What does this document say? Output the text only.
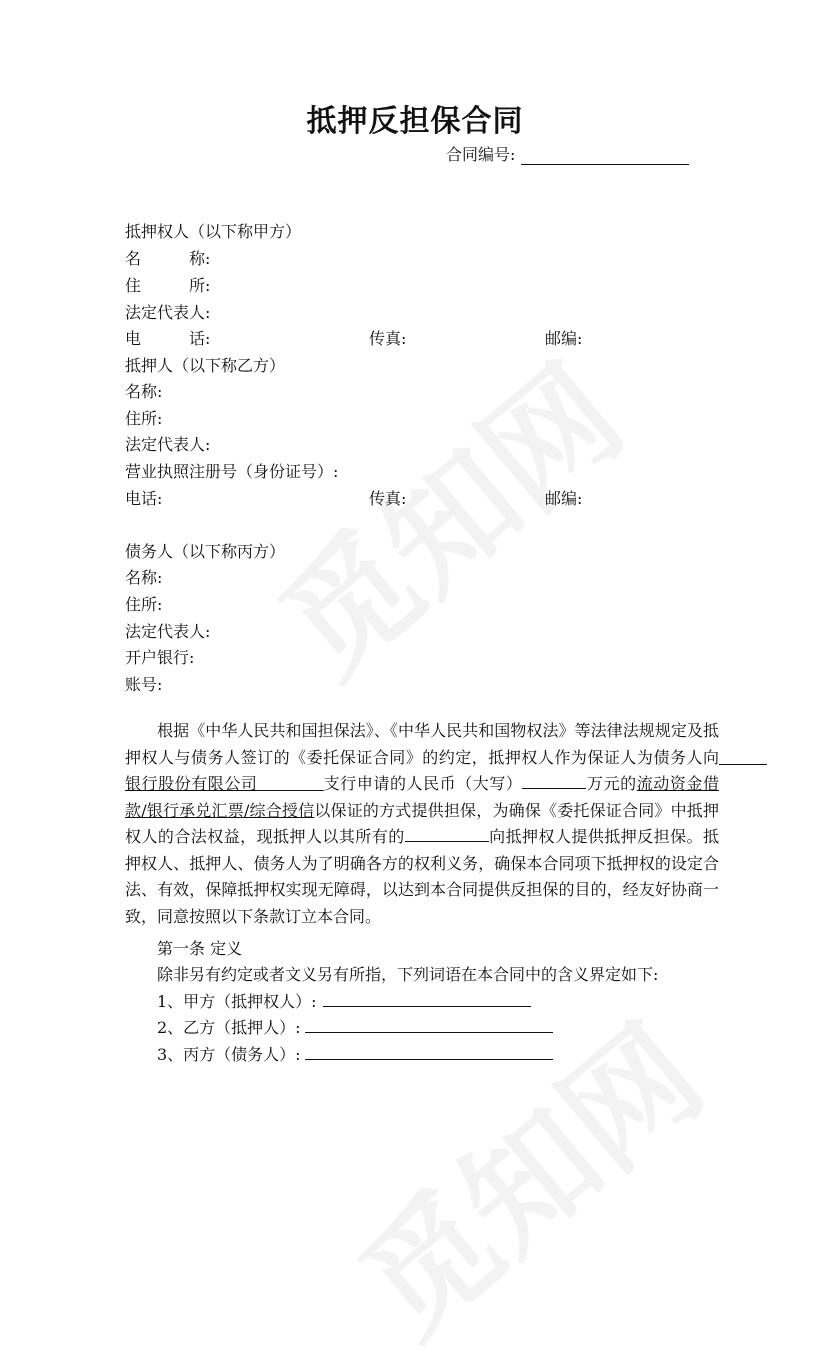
抵押反担保合同
合同编号:
抵押权人（以下称甲方）
名　　　称:
住　　　所:
法定代表人:
电　　　话:	传真:	邮编:
抵押人（以下称乙方）
名称:
住所:
法定代表人:
营业执照注册号（身份证号）:
电话:	传真:	邮编:
债务人（以下称丙方）
名称:
住所:
法定代表人:
开户银行:
账号:
　　根据《中华人民共和国担保法》、《中华人民共和国物权法》等法律法规规定及抵押权人与债务人签订的《委托保证合同》的约定，抵押权人作为保证人为债务人向　　　银行股份有限公司　　　　	支行申请的人民币（大写）	万元的流动资金借款/银行承兑汇票/综合授信以保证的方式提供担保，为确保《委托保证合同》中抵押权人的合法权益，现抵押人以其所有的	向抵押权人提供抵押反担保。抵押权人、抵押人、债务人为了明确各方的权利义务，确保本合同项下抵押权的设定合法、有效，保障抵押权实现无障碍，以达到本合同提供反担保的目的，经友好协商一致，同意按照以下条款订立本合同。
　　第一条 定义
　　除非另有约定或者文义另有所指，下列词语在本合同中的含义界定如下:
　　1、甲方（抵押权人）:
　　2、乙方（抵押人）:
　　3、丙方（债务人）:
